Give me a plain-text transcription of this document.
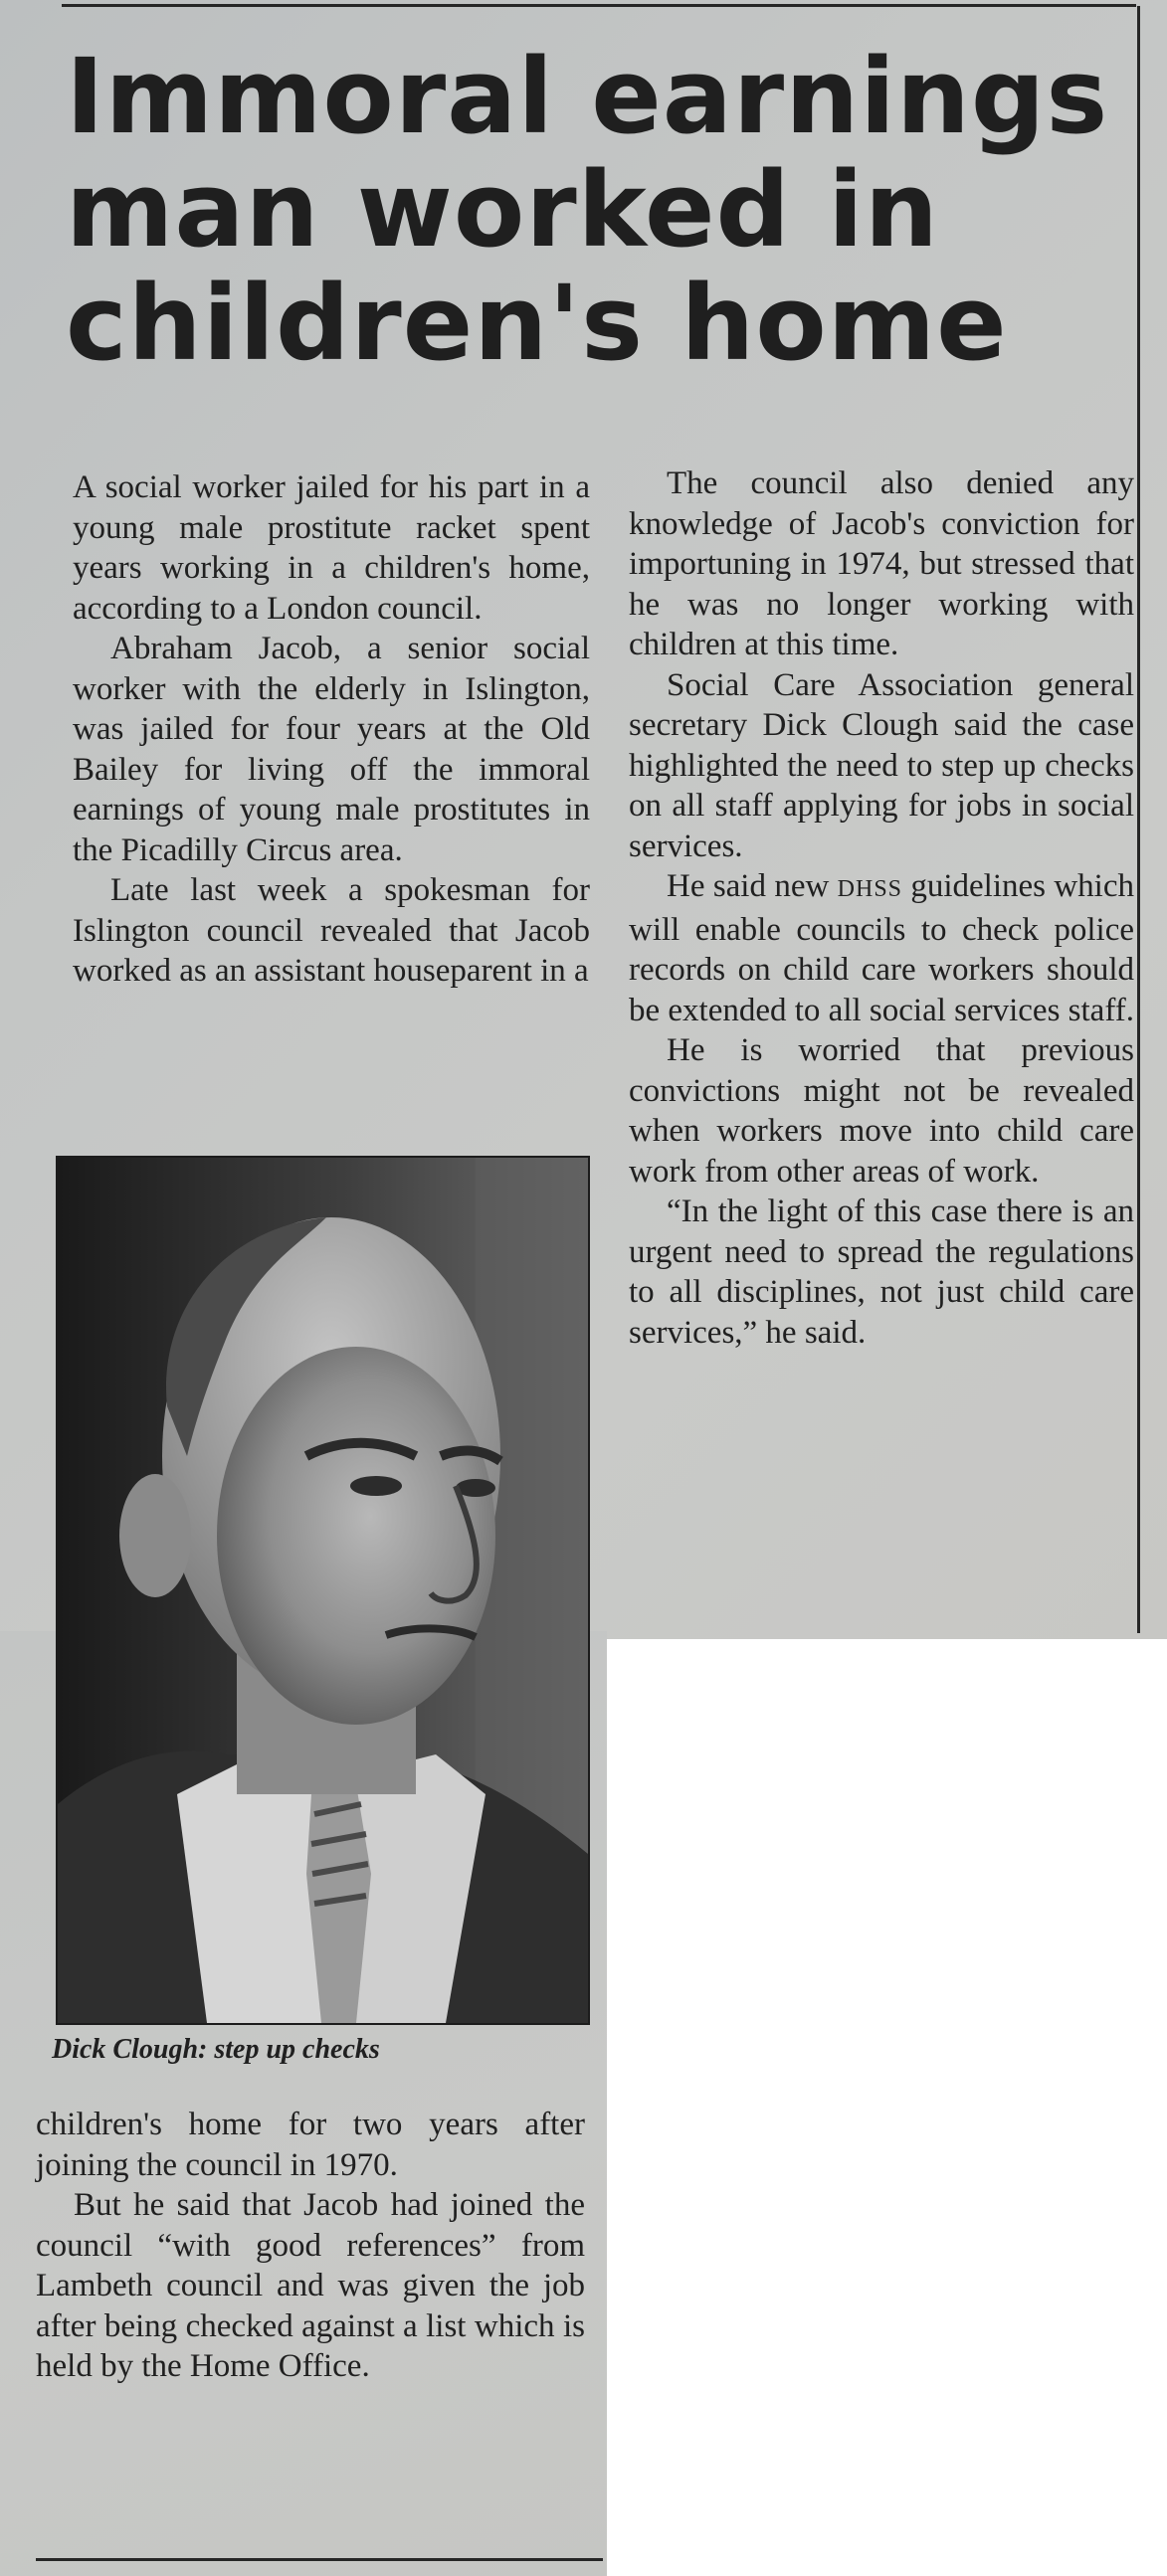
Immoral earnings man worked in children's home

A social worker jailed for his part in a young male prostitute racket spent years working in a children's home, according to a London council.

Abraham Jacob, a senior social worker with the elderly in Islington, was jailed for four years at the Old Bailey for living off the immoral earnings of young male prostitutes in the Picadilly Circus area.

Late last week a spokesman for Islington council revealed that Jacob worked as an assistant houseparent in a

Dick Clough: step up checks

The council also denied any knowledge of Jacob's conviction for importuning in 1974, but stressed that he was no longer working with children at this time.

Social Care Association general secretary Dick Clough said the case highlighted the need to step up checks on all staff applying for jobs in social services.

He said new DHSS guidelines which will enable councils to check police records on child care workers should be extended to all social services staff.

He is worried that previous convictions might not be revealed when workers move into child care work from other areas of work.

“In the light of this case there is an urgent need to spread the regulations to all disciplines, not just child care services,” he said.

children's home for two years after joining the council in 1970.

But he said that Jacob had joined the council “with good references” from Lambeth council and was given the job after being checked against a list which is held by the Home Office.
